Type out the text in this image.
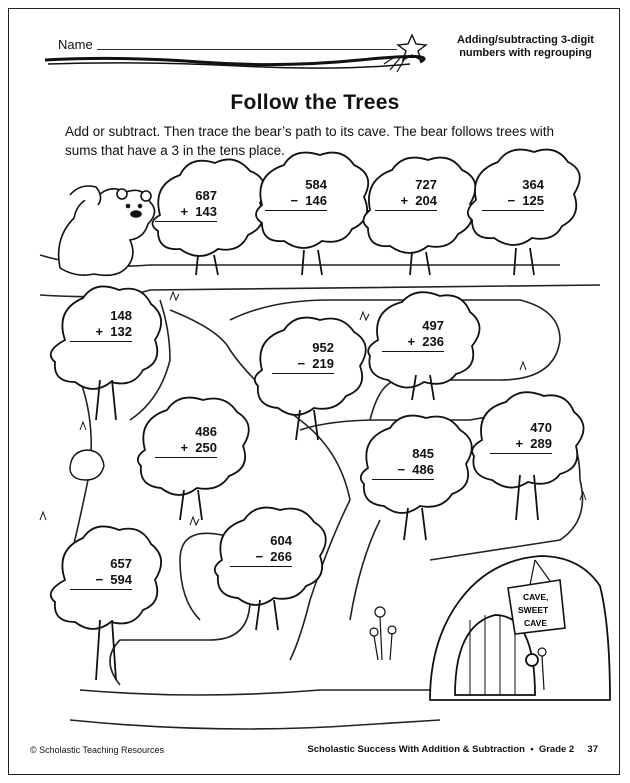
Name	Adding/subtracting 3-digit
numbers with regrouping
Follow the Trees
Add or subtract. Then trace the bear’s path to its cave. The bear follows trees with sums that have a 3 in the tens place.
CAVE,
SWEET
CAVE
687
+ 143
584
− 146
727
+ 204
364
− 125
148
+ 132
952
− 219
497
+ 236
486
+ 250	845
− 486
470
+ 289
604
− 266
657
− 594
© Scholastic Teaching Resources	Scholastic Success With Addition & Subtraction  •  Grade 2 37
